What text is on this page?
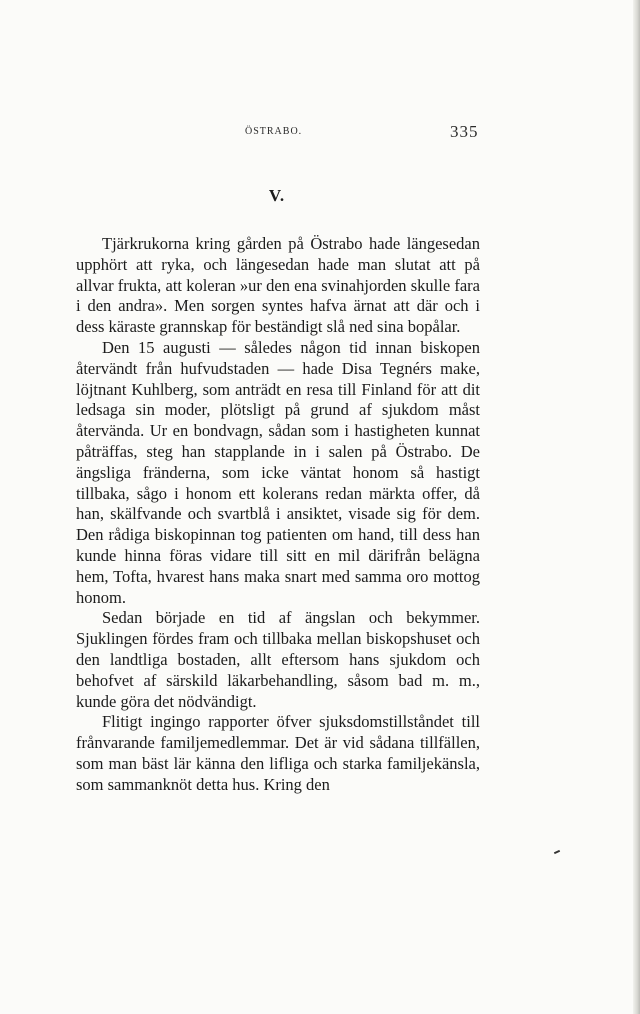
ÖSTRABO.	335
V.

Tjärkrukorna kring gården på Östrabo hade längesedan upphört att ryka, och längesedan hade man slutat att på allvar frukta, att koleran »ur den ena svinahjorden skulle fara i den andra». Men sorgen syntes hafva ärnat att där och i dess käraste grannskap för beständigt slå ned sina bopålar.

Den 15 augusti — således någon tid innan biskopen återvändt från hufvudstaden — hade Disa Tegnérs make, löjtnant Kuhlberg, som anträdt en resa till Finland för att dit ledsaga sin moder, plötsligt på grund af sjukdom måst återvända. Ur en bondvagn, sådan som i hastigheten kunnat påträffas, steg han stapplande in i salen på Östrabo. De ängsliga fränderna, som icke väntat honom så hastigt tillbaka, sågo i honom ett kolerans redan märkta offer, då han, skälfvande och svartblå i ansiktet, visade sig för dem. Den rådiga biskopinnan tog patienten om hand, till dess han kunde hinna föras vidare till sitt en mil därifrån belägna hem, Tofta, hvarest hans maka snart med samma oro mottog honom.

Sedan började en tid af ängslan och bekymmer. Sjuklingen fördes fram och tillbaka mellan biskopshuset och den landtliga bostaden, allt eftersom hans sjukdom och behofvet af särskild läkarbehandling, såsom bad m. m., kunde göra det nödvändigt.

Flitigt ingingo rapporter öfver sjuksdomstillståndet till frånvarande familjemedlemmar. Det är vid sådana tillfällen, som man bäst lär känna den lifliga och starka familjekänsla, som sammanknöt detta hus. Kring den
